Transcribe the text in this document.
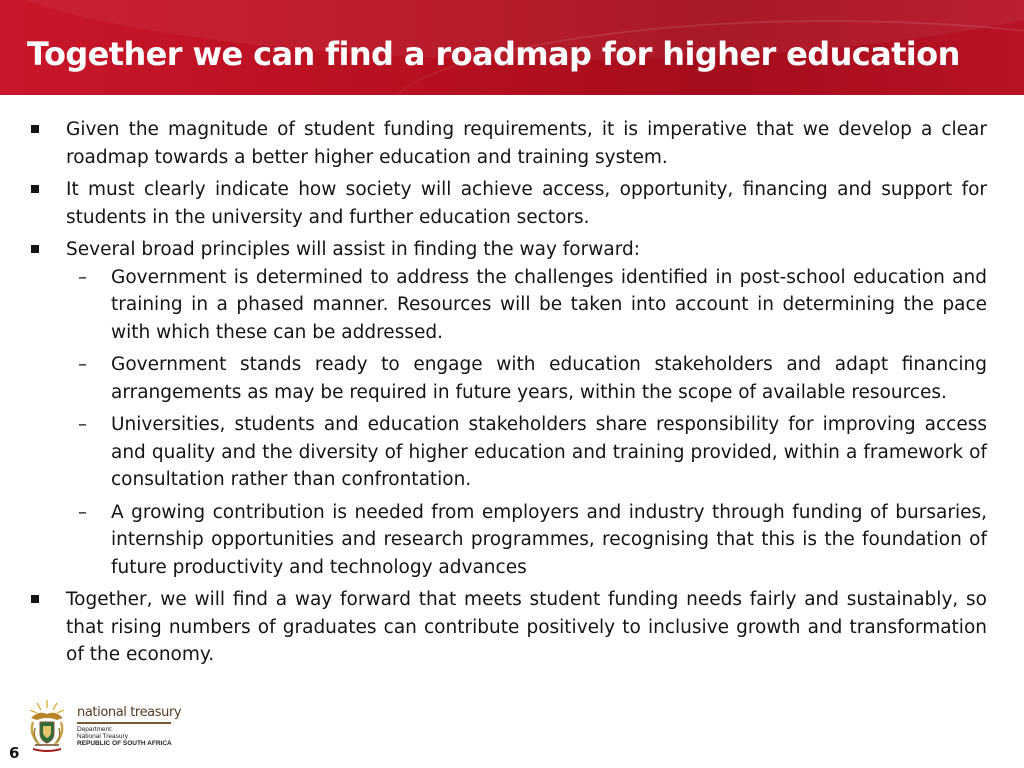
Together we can find a roadmap for higher education
Given the magnitude of student funding requirements, it is imperative that we develop a clear roadmap towards a better higher education and training system.
It must clearly indicate how society will achieve access, opportunity, financing and support for students in the university and further education sectors.
Several broad principles will assist in finding the way forward:
– Government is determined to address the challenges identified in post-school education and training in a phased manner. Resources will be taken into account in determining the pace with which these can be addressed.
– Government stands ready to engage with education stakeholders and adapt financing arrangements as may be required in future years, within the scope of available resources.
– Universities, students and education stakeholders share responsibility for improving access and quality and the diversity of higher education and training provided, within a framework of consultation rather than confrontation.
– A growing contribution is needed from employers and industry through funding of bursaries, internship opportunities and research programmes, recognising that this is the foundation of future productivity and technology advances
Together, we will find a way forward that meets student funding needs fairly and sustainably, so that rising numbers of graduates can contribute positively to inclusive growth and transformation of the economy.
national treasury
Department:
National Treasury
REPUBLIC OF SOUTH AFRICA
6
